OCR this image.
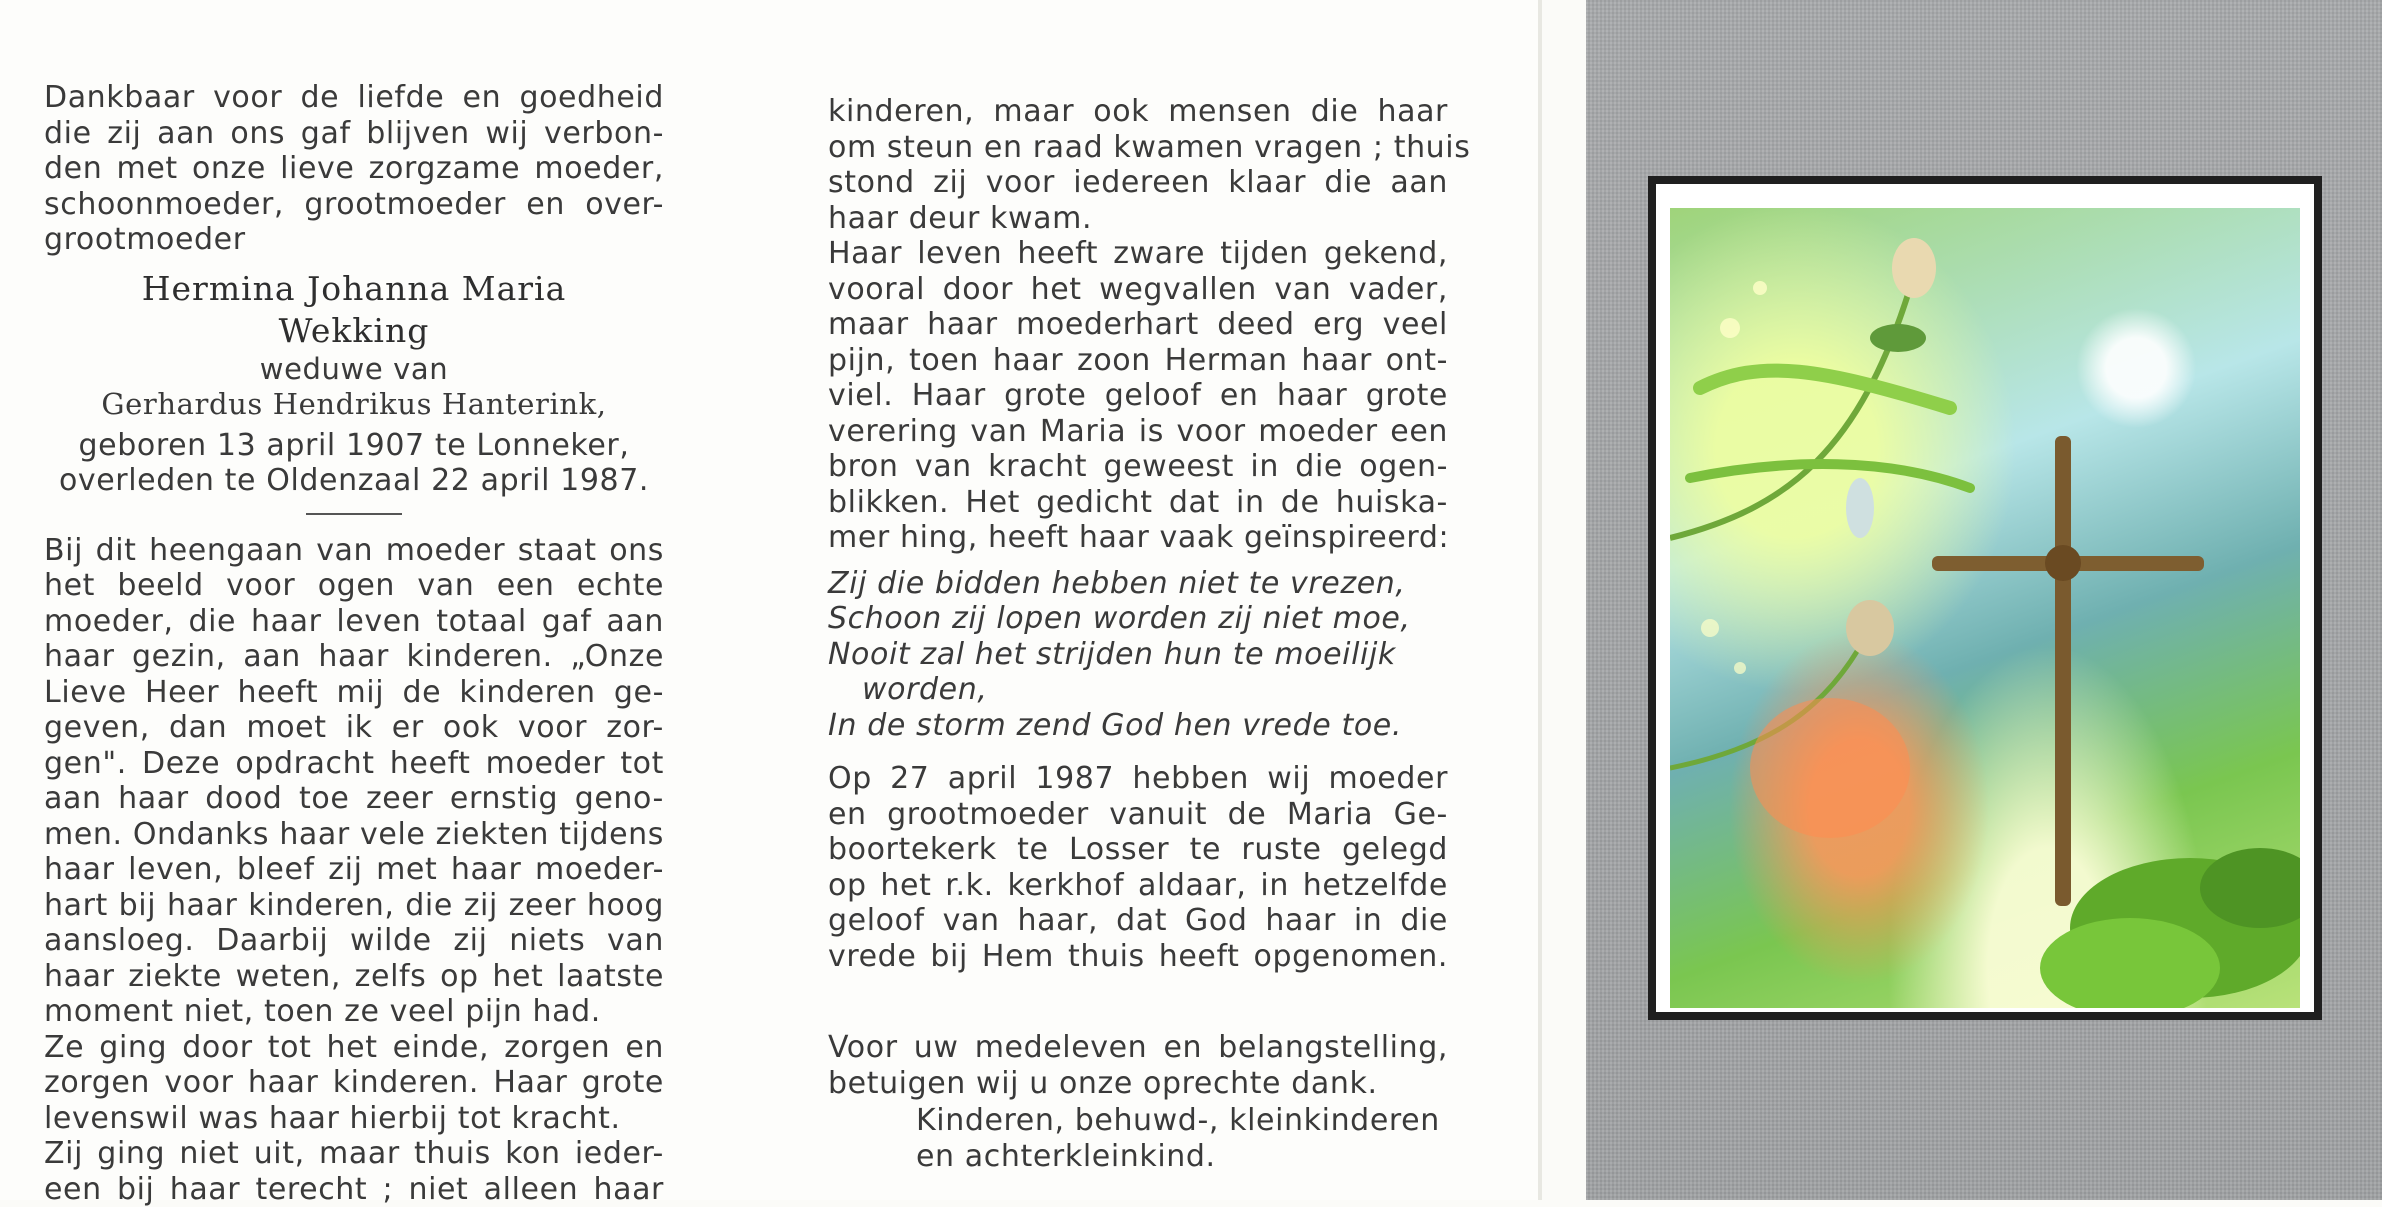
Dankbaar voor de liefde en goedheid
die zij aan ons gaf blijven wij verbon-
den met onze lieve zorgzame moeder,
schoonmoeder, grootmoeder en over-
grootmoeder
Hermina Johanna Maria
Wekking
weduwe van
Gerhardus Hendrikus Hanterink,
geboren 13 april 1907 te Lonneker,
overleden te Oldenzaal 22 april 1987.
Bij dit heengaan van moeder staat ons
het beeld voor ogen van een echte
moeder, die haar leven totaal gaf aan
haar gezin, aan haar kinderen. „Onze
Lieve Heer heeft mij de kinderen ge-
geven, dan moet ik er ook voor zor-
gen". Deze opdracht heeft moeder tot
aan haar dood toe zeer ernstig geno-
men. Ondanks haar vele ziekten tijdens
haar leven, bleef zij met haar moeder-
hart bij haar kinderen, die zij zeer hoog
aansloeg. Daarbij wilde zij niets van
haar ziekte weten, zelfs op het laatste
moment niet, toen ze veel pijn had.
Ze ging door tot het einde, zorgen en
zorgen voor haar kinderen. Haar grote
levenswil was haar hierbij tot kracht.
Zij ging niet uit, maar thuis kon ieder-
een bij haar terecht ; niet alleen haar
kinderen, maar ook mensen die haar
om steun en raad kwamen vragen ; thuis
stond zij voor iedereen klaar die aan
haar deur kwam.
Haar leven heeft zware tijden gekend,
vooral door het wegvallen van vader,
maar haar moederhart deed erg veel
pijn, toen haar zoon Herman haar ont-
viel. Haar grote geloof en haar grote
verering van Maria is voor moeder een
bron van kracht geweest in die ogen-
blikken. Het gedicht dat in de huiska-
mer hing, heeft haar vaak geïnspireerd:
Zij die bidden hebben niet te vrezen,
Schoon zij lopen worden zij niet moe,
Nooit zal het strijden hun te moeilijk
worden,
In de storm zend God hen vrede toe.
Op 27 april 1987 hebben wij moeder
en grootmoeder vanuit de Maria Ge-
boortekerk te Losser te ruste gelegd
op het r.k. kerkhof aldaar, in hetzelfde
geloof van haar, dat God haar in die
vrede bij Hem thuis heeft opgenomen.
Voor uw medeleven en belangstelling,
betuigen wij u onze oprechte dank.
Kinderen, behuwd-, kleinkinderen
en achterkleinkind.
